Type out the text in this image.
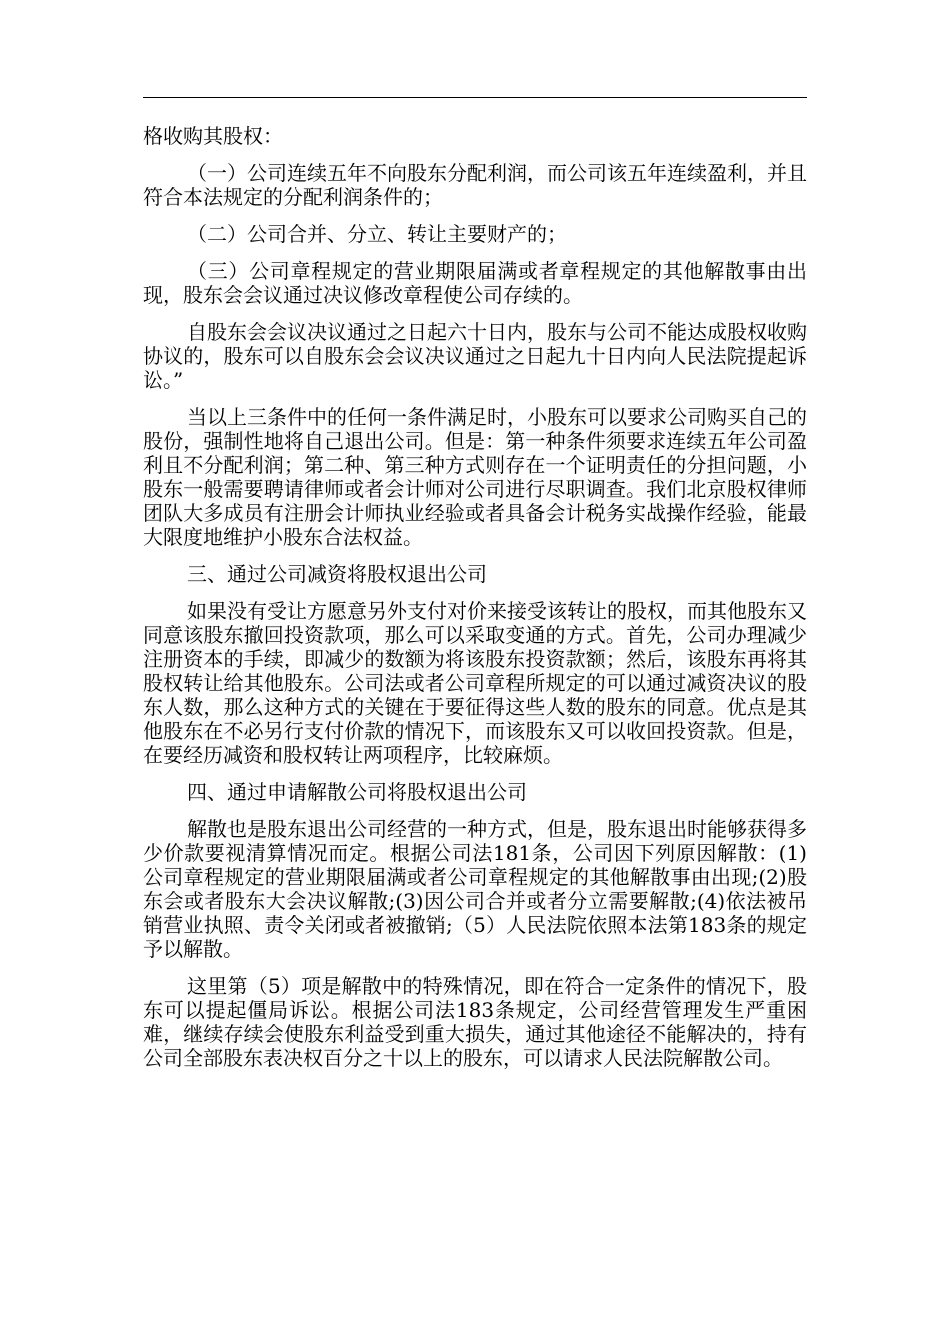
格收购其股权：

（一）公司连续五年不向股东分配利润，而公司该五年连续盈利，并且符合本法规定的分配利润条件的；

（二）公司合并、分立、转让主要财产的；

（三）公司章程规定的营业期限届满或者章程规定的其他解散事由出现，股东会会议通过决议修改章程使公司存续的。

自股东会会议决议通过之日起六十日内，股东与公司不能达成股权收购协议的，股东可以自股东会会议决议通过之日起九十日内向人民法院提起诉讼。”

当以上三条件中的任何一条件满足时，小股东可以要求公司购买自己的股份，强制性地将自己退出公司。但是：第一种条件须要求连续五年公司盈利且不分配利润；第二种、第三种方式则存在一个证明责任的分担问题，小股东一般需要聘请律师或者会计师对公司进行尽职调查。我们北京股权律师团队大多成员有注册会计师执业经验或者具备会计税务实战操作经验，能最大限度地维护小股东合法权益。

三、通过公司减资将股权退出公司

如果没有受让方愿意另外支付对价来接受该转让的股权，而其他股东又同意该股东撤回投资款项，那么可以采取变通的方式。首先，公司办理减少注册资本的手续，即减少的数额为将该股东投资款额；然后，该股东再将其股权转让给其他股东。公司法或者公司章程所规定的可以通过减资决议的股东人数，那么这种方式的关键在于要征得这些人数的股东的同意。优点是其他股东在不必另行支付价款的情况下，而该股东又可以收回投资款。但是，在要经历减资和股权转让两项程序，比较麻烦。

四、通过申请解散公司将股权退出公司

解散也是股东退出公司经营的一种方式，但是，股东退出时能够获得多少价款要视清算情况而定。根据公司法181条，公司因下列原因解散：(1)公司章程规定的营业期限届满或者公司章程规定的其他解散事由出现;(2)股东会或者股东大会决议解散;(3)因公司合并或者分立需要解散;(4)依法被吊销营业执照、责令关闭或者被撤销;（5）人民法院依照本法第183条的规定予以解散。

这里第（5）项是解散中的特殊情况，即在符合一定条件的情况下，股东可以提起僵局诉讼。根据公司法183条规定，公司经营管理发生严重困难，继续存续会使股东利益受到重大损失，通过其他途径不能解决的，持有公司全部股东表决权百分之十以上的股东，可以请求人民法院解散公司。
